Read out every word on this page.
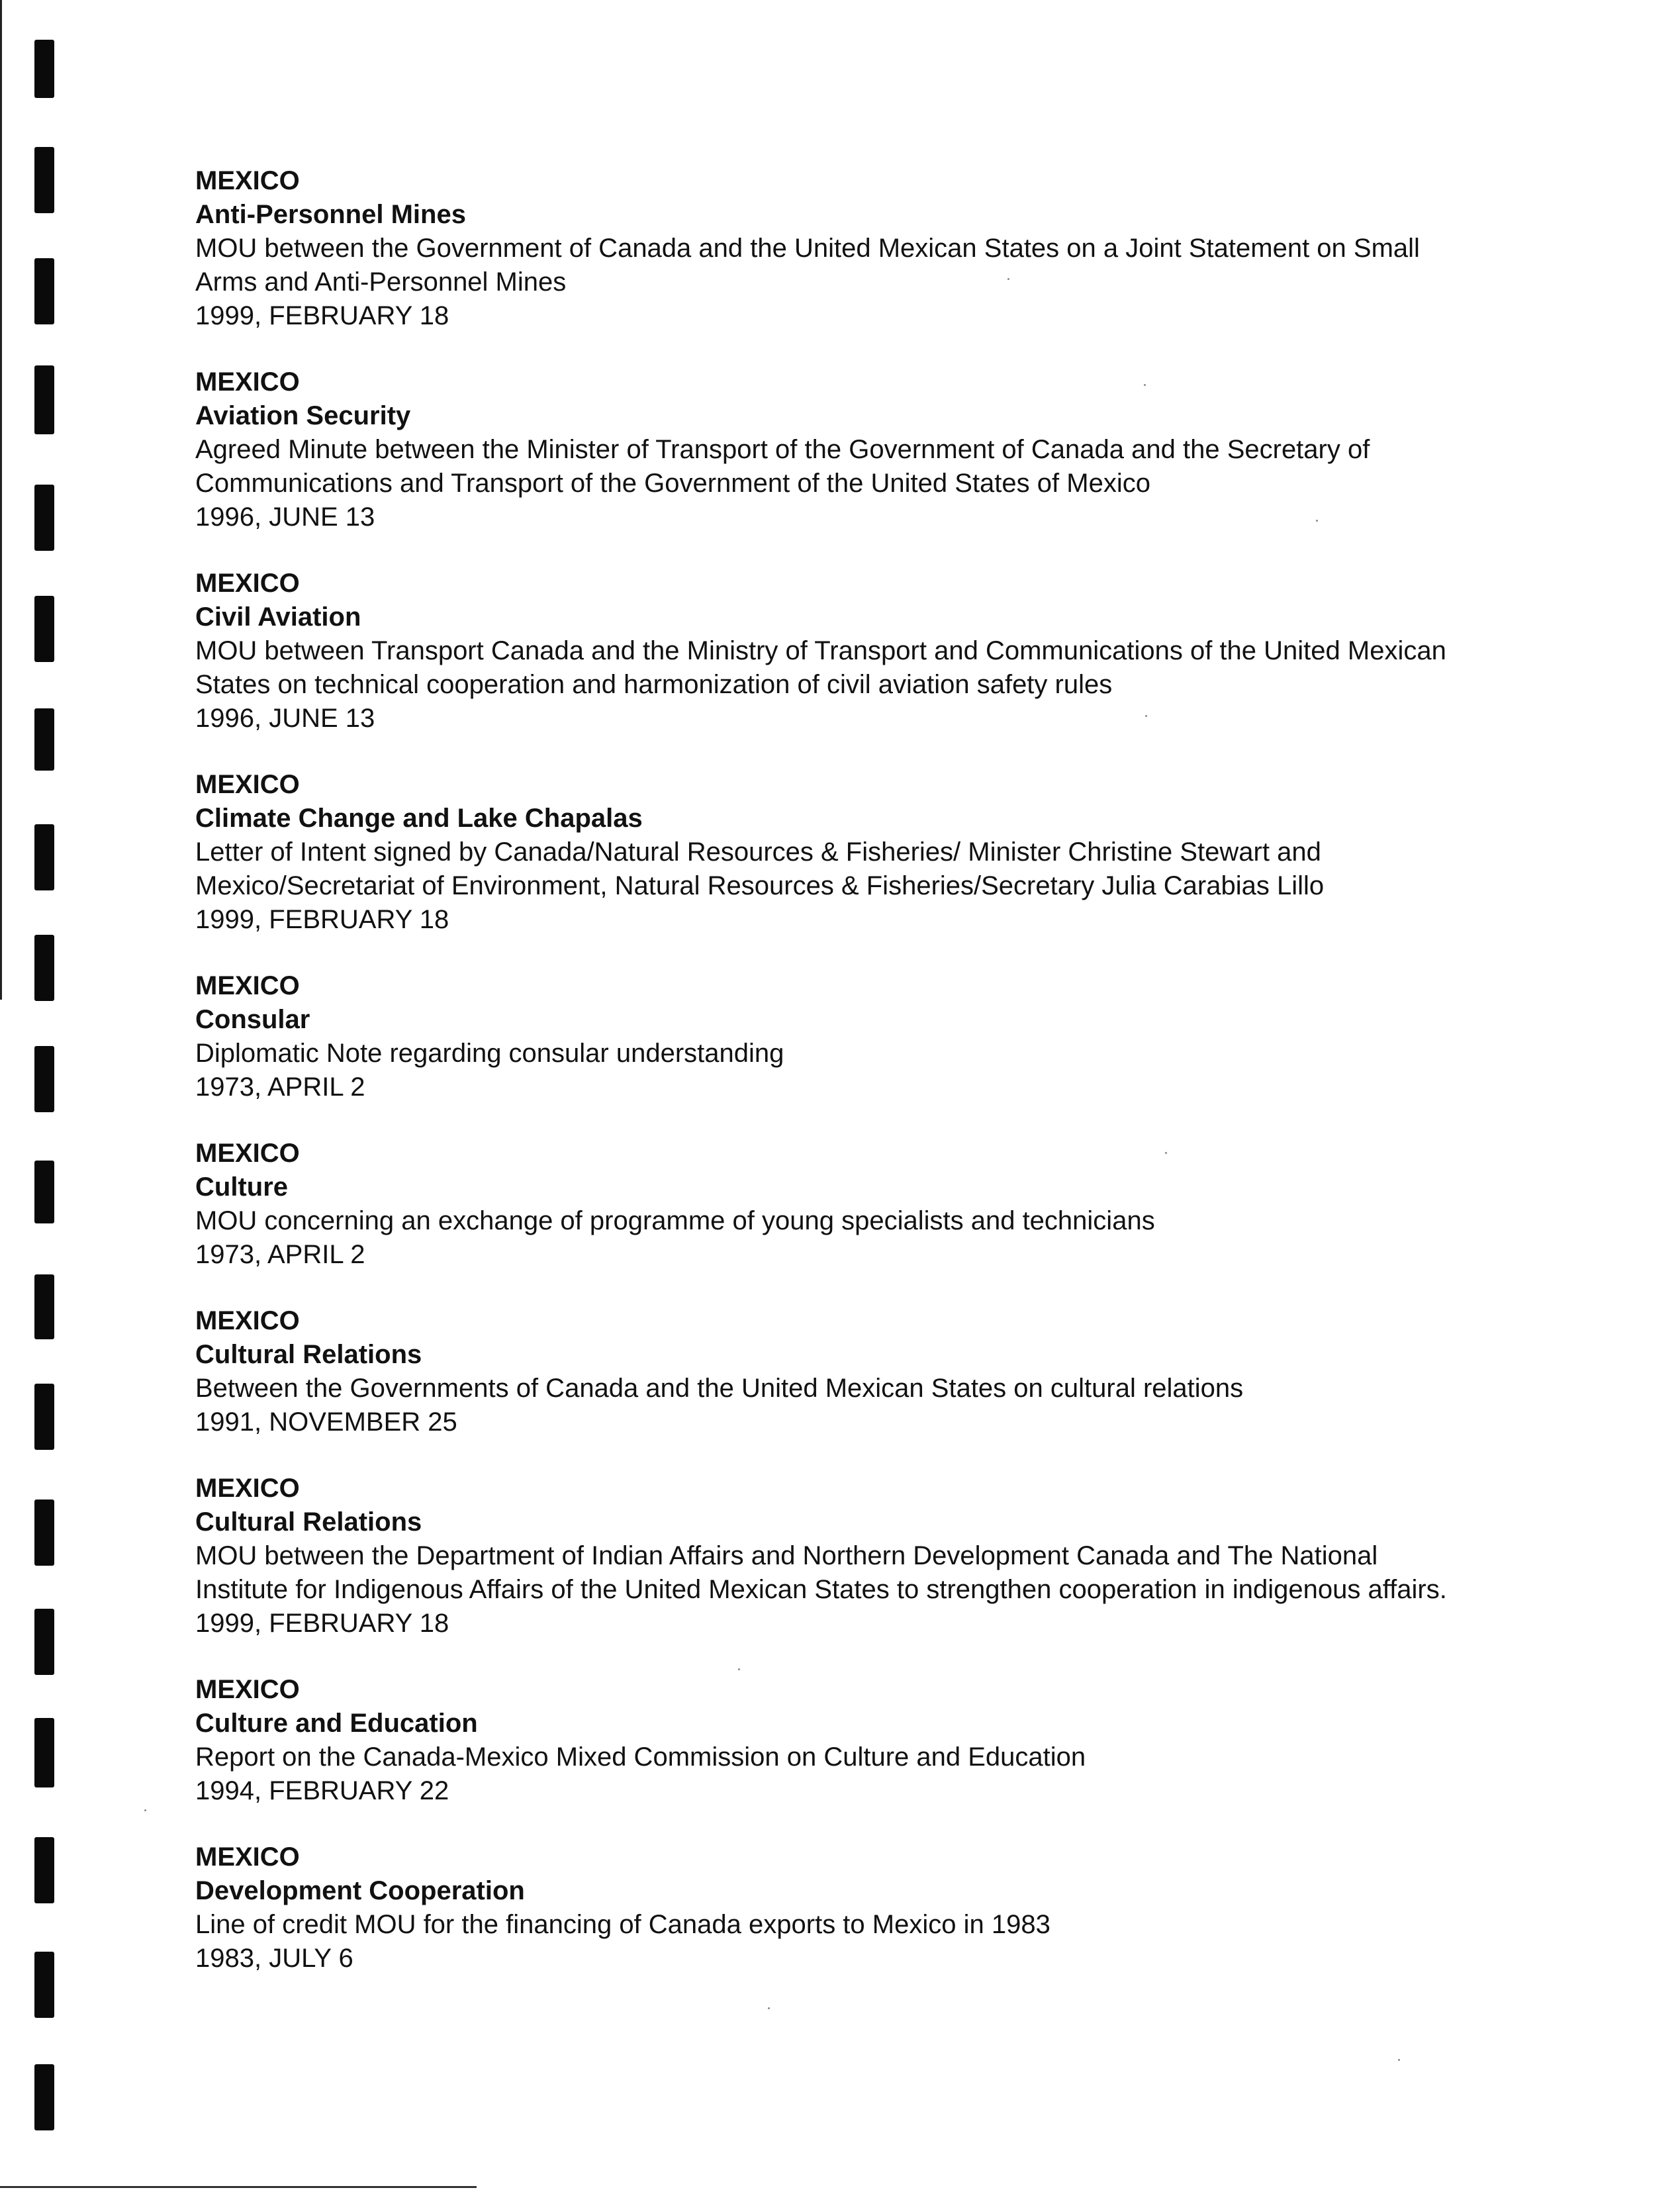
MEXICO
Anti-Personnel Mines
MOU between the Government of Canada and the United Mexican States on a Joint Statement on Small
Arms and Anti-Personnel Mines
1999, FEBRUARY 18
MEXICO
Aviation Security
Agreed Minute between the Minister of Transport of the Government of Canada and the Secretary of
Communications and Transport of the Government of the United States of Mexico
1996, JUNE 13
MEXICO
Civil Aviation
MOU between Transport Canada and the Ministry of Transport and Communications of the United Mexican
States on technical cooperation and harmonization of civil aviation safety rules
1996, JUNE 13
MEXICO
Climate Change and Lake Chapalas
Letter of Intent signed by Canada/Natural Resources & Fisheries/ Minister Christine Stewart and
Mexico/Secretariat of Environment, Natural Resources & Fisheries/Secretary Julia Carabias Lillo
1999, FEBRUARY 18
MEXICO
Consular
Diplomatic Note regarding consular understanding
1973, APRIL 2
MEXICO
Culture
MOU concerning an exchange of programme of young specialists and technicians
1973, APRIL 2
MEXICO
Cultural Relations
Between the Governments of Canada and the United Mexican States on cultural relations
1991, NOVEMBER 25
MEXICO
Cultural Relations
MOU between the Department of Indian Affairs and Northern Development Canada and The National
Institute for Indigenous Affairs of the United Mexican States to strengthen cooperation in indigenous affairs.
1999, FEBRUARY 18
MEXICO
Culture and Education
Report on the Canada-Mexico Mixed Commission on Culture and Education
1994, FEBRUARY 22
MEXICO
Development Cooperation
Line of credit MOU for the financing of Canada exports to Mexico in 1983
1983, JULY 6
